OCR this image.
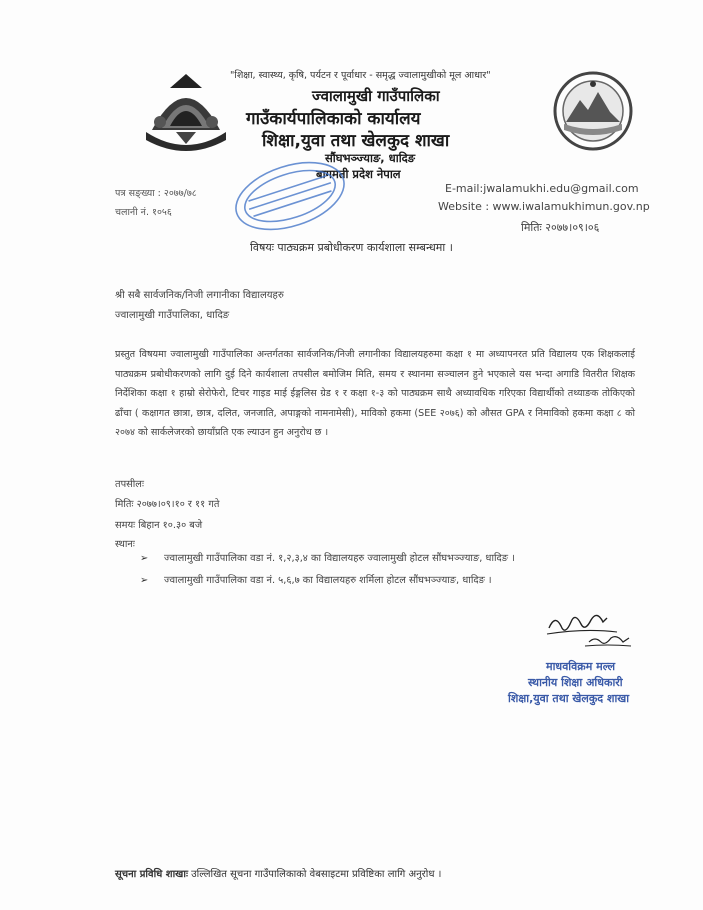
"शिक्षा, स्वास्थ्य, कृषि, पर्यटन र पूर्वाधार - समृद्ध ज्वालामुखीको मूल आधार"
ज्वालामुखी गाउँपालिका
गाउँकार्यपालिकाको कार्यालय
शिक्षा,युवा तथा खेलकुद शाखा
सौंघभञ्ज्याङ, धादिङ
बागमती प्रदेश नेपाल
पत्र सङ्ख्या : २०७७/७८
चलानी नं. १०५६
E-mail:jwalamukhi.edu@gmail.com
Website : www.iwalamukhimun.gov.np
मितिः २०७७।०९।०६
विषयः पाठ्यक्रम प्रबोधीकरण कार्यशाला सम्बन्धमा ।
श्री सबै सार्वजनिक/निजी लगानीका विद्यालयहरु
ज्वालामुखी गाउँपालिका, धादिङ

प्रस्तुत विषयमा ज्वालामुखी गाउँपालिका अन्तर्गतका सार्वजनिक/निजी लगानीका विद्यालयहरुमा कक्षा १ मा अध्यापनरत प्रति विद्यालय एक शिक्षकलाई पाठ्यक्रम प्रबोधीकरणको लागि दुई दिने कार्यशाला तपसील बमोजिम मिति, समय र स्थानमा सञ्चालन हुने भएकाले यस भन्दा अगाडि वितरीत शिक्षक निर्देशिका कक्षा १ हाम्रो सेरोफेरो, टिचर गाइड माई ईङ्गलिस ग्रेड १ र कक्षा १-३ को पाठ्यक्रम साथै अध्यावधिक गरिएका विद्यार्थीको तथ्याङक तोकिएको ढाँचा ( कक्षागत छात्रा, छात्र, दलित, जनजाति, अपाङ्गको नामनामेसी), माविको हकमा (SEE २०७६) को औसत GPA र निमाविको हकमा कक्षा ८ को २०७४ को सार्कलेजरको छायाँप्रति एक ल्याउन हुन अनुरोध छ ।

तपसीलः
मितिः २०७७।०९।१० र ११ गते
समयः बिहान १०.३० बजे
स्थानः
➢ ज्वालामुखी गाउँपालिका वडा नं. १,२,३,४ का विद्यालयहरु ज्वालामुखी होटल सौंघभञ्ज्याङ, धादिङ ।
➢ ज्वालामुखी गाउँपालिका वडा नं. ५,६,७ का विद्यालयहरु शर्मिला होटल सौंघभञ्ज्याङ, धादिङ ।
माधवविक्रम मल्ल
स्थानीय शिक्षा अधिकारी
शिक्षा,युवा तथा खेलकुद शाखा
सूचना प्रविधि शाखाः उल्लिखित सूचना गाउँपालिकाको वेबसाइटमा प्रविष्टिका लागि अनुरोध ।
